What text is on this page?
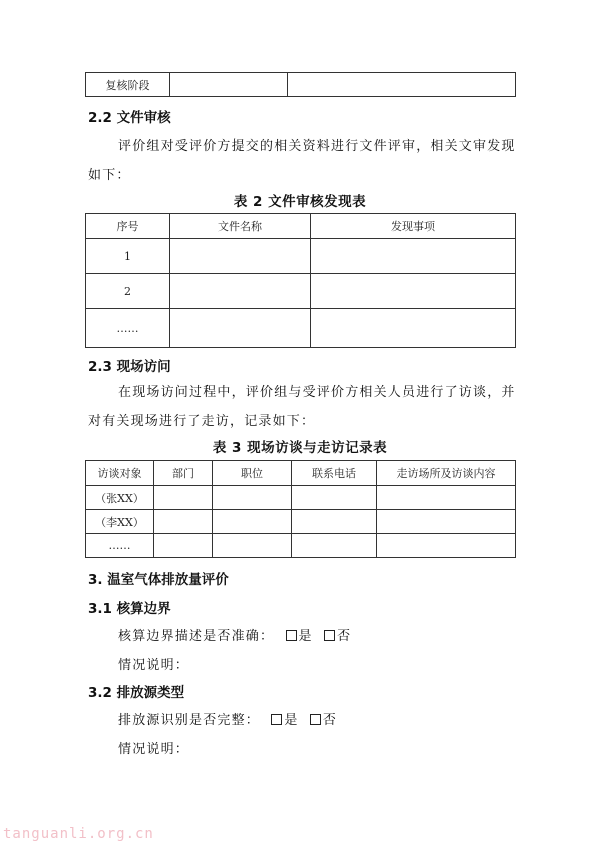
复核阶段		
2.2 文件审核
评价组对受评价方提交的相关资料进行文件评审，相关文审发现
如下：
表 2 文件审核发现表
序号	文件名称	发现事项
1		
2		
……		
2.3 现场访问
在现场访问过程中，评价组与受评价方相关人员进行了访谈，并
对有关现场进行了走访，记录如下：
表 3 现场访谈与走访记录表
访谈对象	部门	职位	联系电话	走访场所及访谈内容
（张XX）				
（李XX）				
……				
3. 温室气体排放量评价
3.1 核算边界
核算边界描述是否准确： 是 否
情况说明：
3.2 排放源类型
排放源识别是否完整： 是 否
情况说明：
tanguanli.org.cn
